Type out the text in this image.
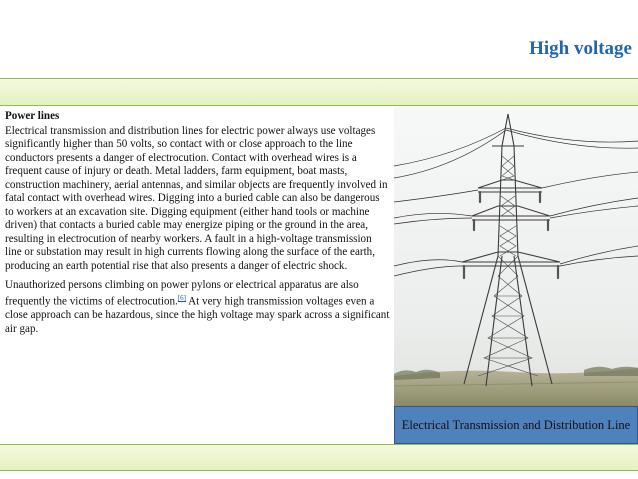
High voltage
Power lines

Electrical transmission and distribution lines for electric power always use voltages significantly higher than 50 volts, so contact with or close approach to the line conductors presents a danger of electrocution. Contact with overhead wires is a frequent cause of injury or death. Metal ladders, farm equipment, boat masts, construction machinery, aerial antennas, and similar objects are frequently involved in fatal contact with overhead wires. Digging into a buried cable can also be dangerous to workers at an excavation site. Digging equipment (either hand tools or machine driven) that contacts a buried cable may energize piping or the ground in the area, resulting in electrocution of nearby workers. A fault in a high-voltage transmission line or substation may result in high currents flowing along the surface of the earth, producing an earth potential rise that also presents a danger of electric shock.

Unauthorized persons climbing on power pylons or electrical apparatus are also frequently the victims of electrocution.[6] At very high transmission voltages even a close approach can be hazardous, since the high voltage may spark across a significant air gap.

Electrical Transmission and Distribution Line
